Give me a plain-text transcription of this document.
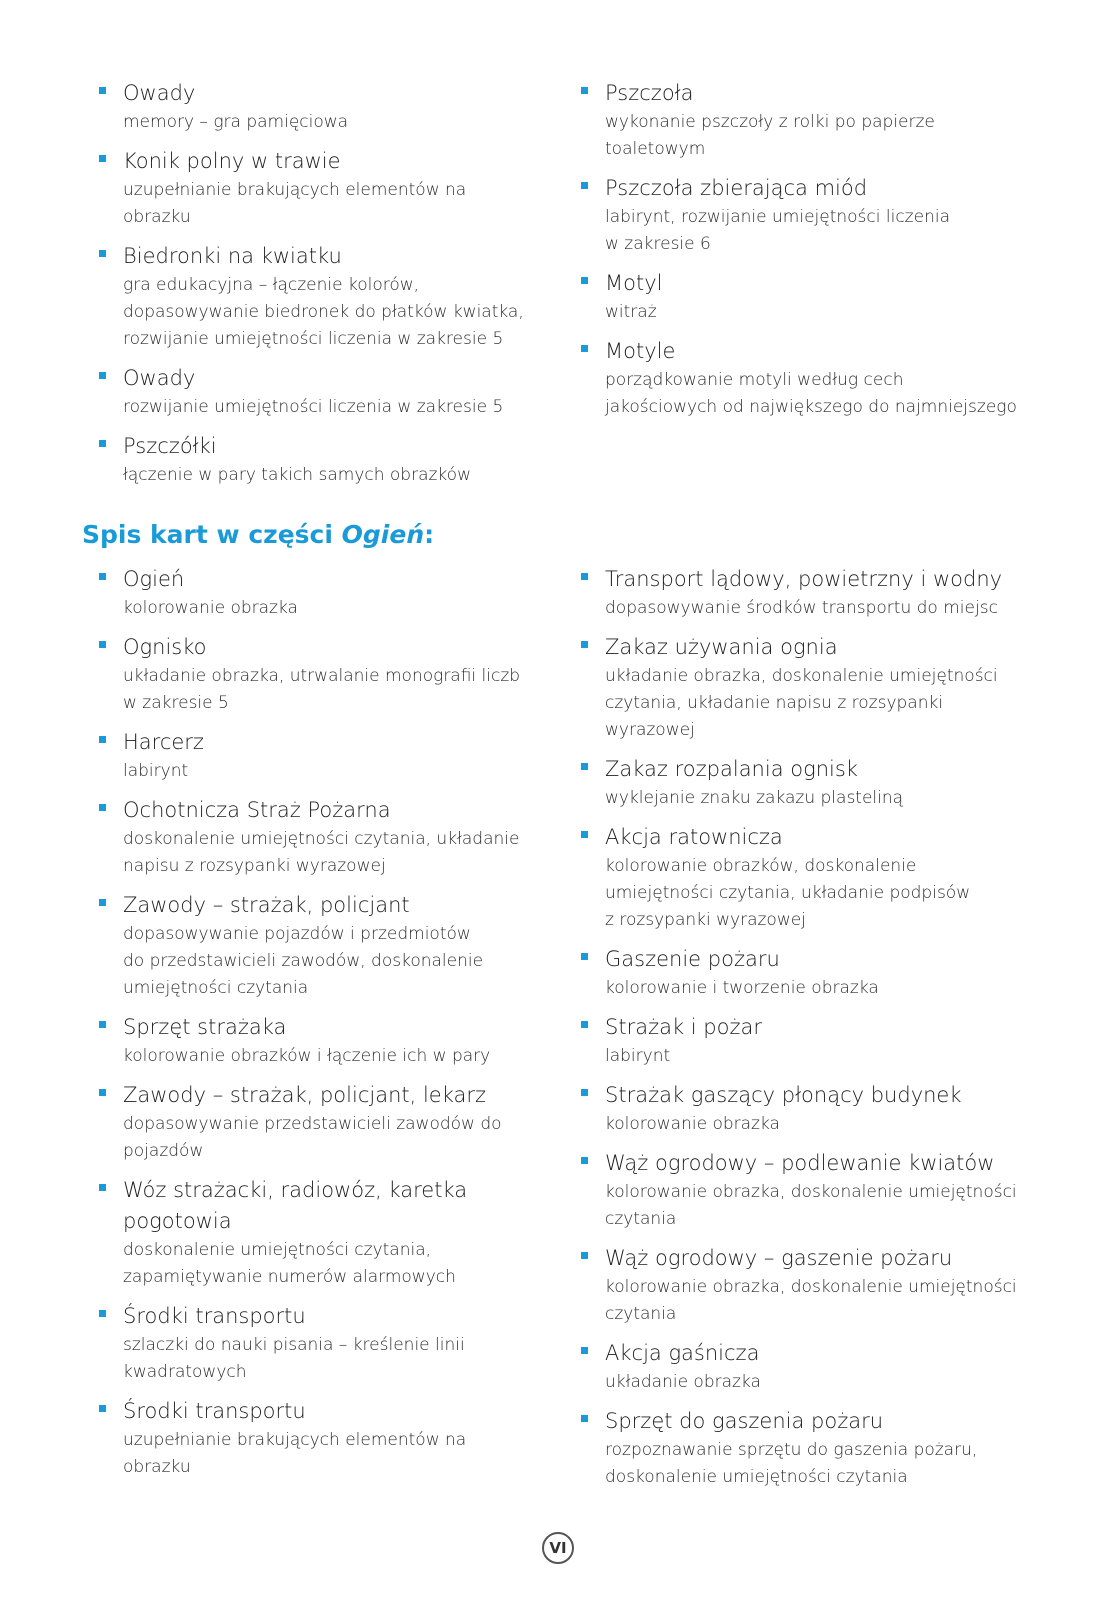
Owady
memory – gra pamięciowa
Konik polny w trawie
uzupełnianie brakujących elementów na
obrazku
Biedronki na kwiatku
gra edukacyjna – łączenie kolorów,
dopasowywanie biedronek do płatków kwiatka,
rozwijanie umiejętności liczenia w zakresie 5
Owady
rozwijanie umiejętności liczenia w zakresie 5
Pszczółki
łączenie w pary takich samych obrazków
Pszczoła
wykonanie pszczoły z rolki po papierze
toaletowym
Pszczoła zbierająca miód
labirynt, rozwijanie umiejętności liczenia
w zakresie 6
Motyl
witraż
Motyle
porządkowanie motyli według cech
jakościowych od największego do najmniejszego
Spis kart w części Ogień:
Ogień
kolorowanie obrazka
Ognisko
układanie obrazka, utrwalanie monografii liczb
w zakresie 5
Harcerz
labirynt
Ochotnicza Straż Pożarna
doskonalenie umiejętności czytania, układanie
napisu z rozsypanki wyrazowej
Zawody – strażak, policjant
dopasowywanie pojazdów i przedmiotów
do przedstawicieli zawodów, doskonalenie
umiejętności czytania
Sprzęt strażaka
kolorowanie obrazków i łączenie ich w pary
Zawody – strażak, policjant, lekarz
dopasowywanie przedstawicieli zawodów do
pojazdów
Wóz strażacki, radiowóz, karetka
pogotowia
doskonalenie umiejętności czytania,
zapamiętywanie numerów alarmowych
Środki transportu
szlaczki do nauki pisania – kreślenie linii
kwadratowych
Środki transportu
uzupełnianie brakujących elementów na
obrazku
Transport lądowy, powietrzny i wodny
dopasowywanie środków transportu do miejsc
Zakaz używania ognia
układanie obrazka, doskonalenie umiejętności
czytania, układanie napisu z rozsypanki
wyrazowej
Zakaz rozpalania ognisk
wyklejanie znaku zakazu plasteliną
Akcja ratownicza
kolorowanie obrazków, doskonalenie
umiejętności czytania, układanie podpisów
z rozsypanki wyrazowej
Gaszenie pożaru
kolorowanie i tworzenie obrazka
Strażak i pożar
labirynt
Strażak gaszący płonący budynek
kolorowanie obrazka
Wąż ogrodowy – podlewanie kwiatów
kolorowanie obrazka, doskonalenie umiejętności
czytania
Wąż ogrodowy – gaszenie pożaru
kolorowanie obrazka, doskonalenie umiejętności
czytania
Akcja gaśnicza
układanie obrazka
Sprzęt do gaszenia pożaru
rozpoznawanie sprzętu do gaszenia pożaru,
doskonalenie umiejętności czytania
VI
